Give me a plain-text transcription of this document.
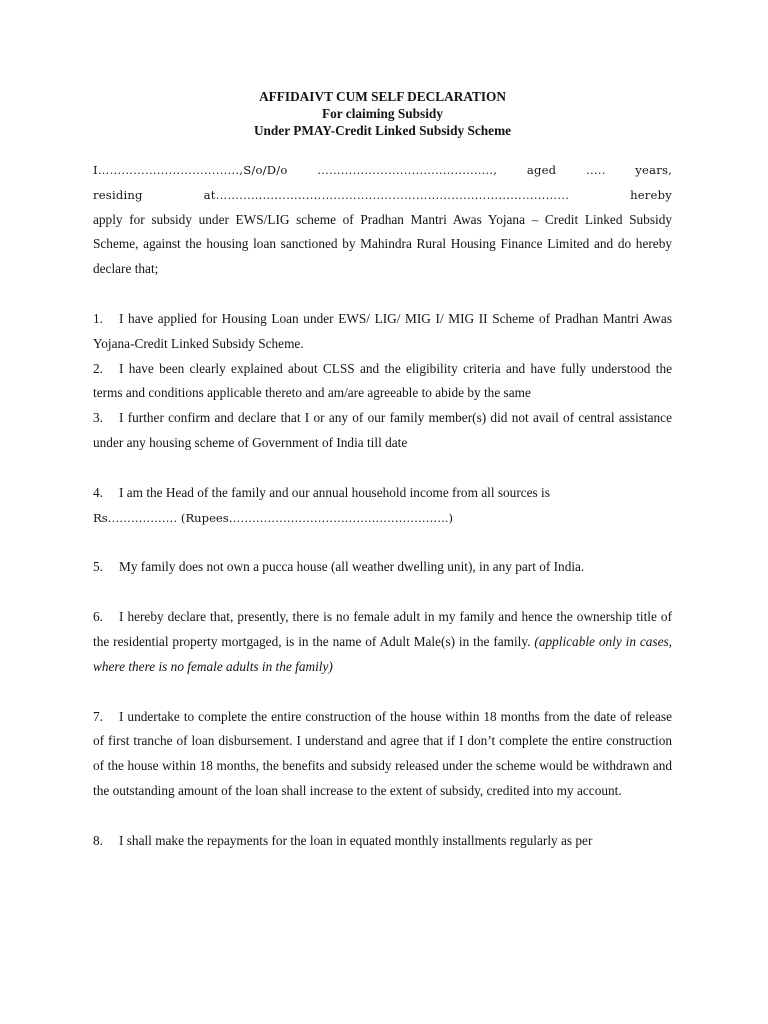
AFFIDAIVT CUM SELF DECLARATION
For claiming Subsidy
Under PMAY-Credit Linked Subsidy Scheme
I………………………………,S/o/D/o ……………………….................., aged ….. years,
residing at……......…………………………………………………………………… hereby

apply for subsidy under EWS/LIG scheme of Pradhan Mantri Awas Yojana – Credit Linked Subsidy Scheme, against the housing loan sanctioned by Mahindra Rural Housing Finance Limited and do hereby declare that;

1. I have applied for Housing Loan under EWS/ LIG/ MIG I/ MIG II Scheme of Pradhan Mantri Awas Yojana-Credit Linked Subsidy Scheme.

2. I have been clearly explained about CLSS and the eligibility criteria and have fully understood the terms and conditions applicable thereto and am/are agreeable to abide by the same

3. I further confirm and declare that I or any of our family member(s) did not avail of central assistance under any housing scheme of Government of India till date

4. I am the Head of the family and our annual household income from all sources is

Rs……………… (Rupees……………………………….………………..)

5. My family does not own a pucca house (all weather dwelling unit), in any part of India.

6. I hereby declare that, presently, there is no female adult in my family and hence the ownership title of the residential property mortgaged, is in the name of Adult Male(s) in the family. (applicable only in cases, where there is no female adults in the family)

7. I undertake to complete the entire construction of the house within 18 months from the date of release of first tranche of loan disbursement. I understand and agree that if I don’t complete the entire construction of the house within 18 months, the benefits and subsidy released under the scheme would be withdrawn and the outstanding amount of the loan shall increase to the extent of subsidy, credited into my account.

8. I shall make the repayments for the loan in equated monthly installments regularly as per
